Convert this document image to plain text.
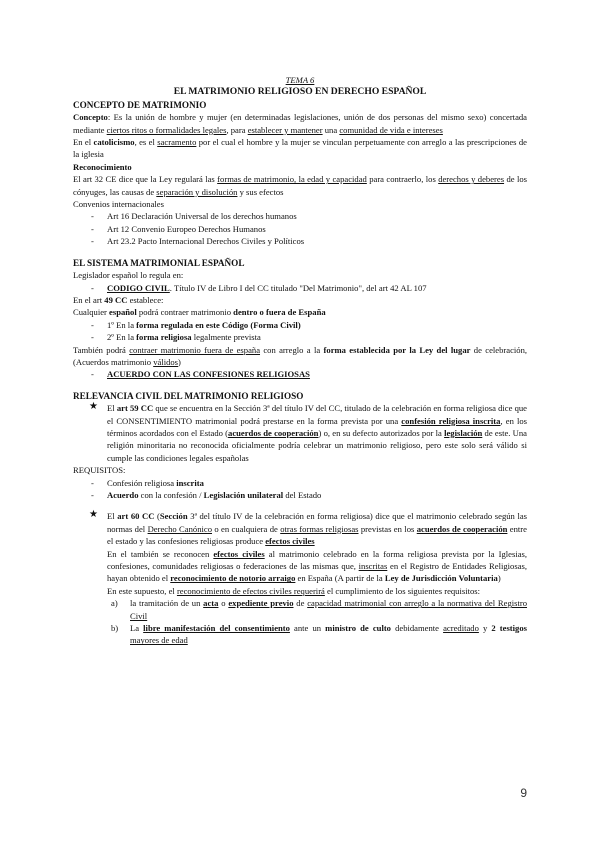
TEMA 6
EL MATRIMONIO RELIGIOSO EN DERECHO ESPAÑOL
CONCEPTO DE MATRIMONIO
Concepto: Es la unión de hombre y mujer (en determinadas legislaciones, unión de dos personas del mismo sexo) concertada mediante ciertos ritos o formalidades legales, para establecer y mantener una comunidad de vida e intereses
En el catolicismo, es el sacramento por el cual el hombre y la mujer se vinculan perpetuamente con arreglo a las prescripciones de la iglesia
Reconocimiento
El art 32 CE dice que la Ley regulará las formas de matrimonio, la edad y capacidad para contraerlo, los derechos y deberes de los cónyuges, las causas de separación y disolución y sus efectos
Convenios internacionales
- Art 16 Declaración Universal de los derechos humanos
- Art 12 Convenio Europeo Derechos Humanos
- Art 23.2 Pacto Internacional Derechos Civiles y Políticos
EL SISTEMA MATRIMONIAL ESPAÑOL
Legislador español lo regula en:
- CODIGO CIVIL. Título IV de Libro I del CC titulado "Del Matrimonio", del art 42 AL 107
En el art 49 CC establece:
Cualquier español podrá contraer matrimonio dentro o fuera de España
- 1º En la forma regulada en este Código (Forma Civil)
- 2º En la forma religiosa legalmente prevista
También podrá contraer matrimonio fuera de españa con arreglo a la forma establecida por la Ley del lugar de celebración, (Acuerdos matrimonio válidos)
- ACUERDO CON LAS CONFESIONES RELIGIOSAS
RELEVANCIA CIVIL DEL MATRIMONIO RELIGIOSO
★ El art 59 CC que se encuentra en la Sección 3ª del título IV del CC, titulado de la celebración en forma religiosa dice que el CONSENTIMIENTO matrimonial podrá prestarse en la forma prevista por una confesión religiosa inscrita, en los términos acordados con el Estado (acuerdos de cooperación) o, en su defecto autorizados por la legislación de este. Una religión minoritaria no reconocida oficialmente podría celebrar un matrimonio religioso, pero este solo será válido si cumple las condiciones legales españolas
REQUISITOS:
- Confesión religiosa inscrita
- Acuerdo con la confesión / Legislación unilateral del Estado
★ El art 60 CC (Sección 3ª del título IV de la celebración en forma religiosa) dice que el matrimonio celebrado según las normas del Derecho Canónico o en cualquiera de otras formas religiosas previstas en los acuerdos de cooperación entre el estado y las confesiones religiosas produce efectos civiles
En el también se reconocen efectos civiles al matrimonio celebrado en la forma religiosa prevista por la Iglesias, confesiones, comunidades religiosas o federaciones de las mismas que, inscritas en el Registro de Entidades Religiosas, hayan obtenido el reconocimiento de notorio arraigo en España (A partir de la Ley de Jurisdicción Voluntaria)
En este supuesto, el reconocimiento de efectos civiles requerirá el cumplimiento de los siguientes requisitos:
a) la tramitación de un acta o expediente previo de capacidad matrimonial con arreglo a la normativa del Registro Civil
b) La libre manifestación del consentimiento ante un ministro de culto debidamente acreditado y 2 testigos mayores de edad
9
